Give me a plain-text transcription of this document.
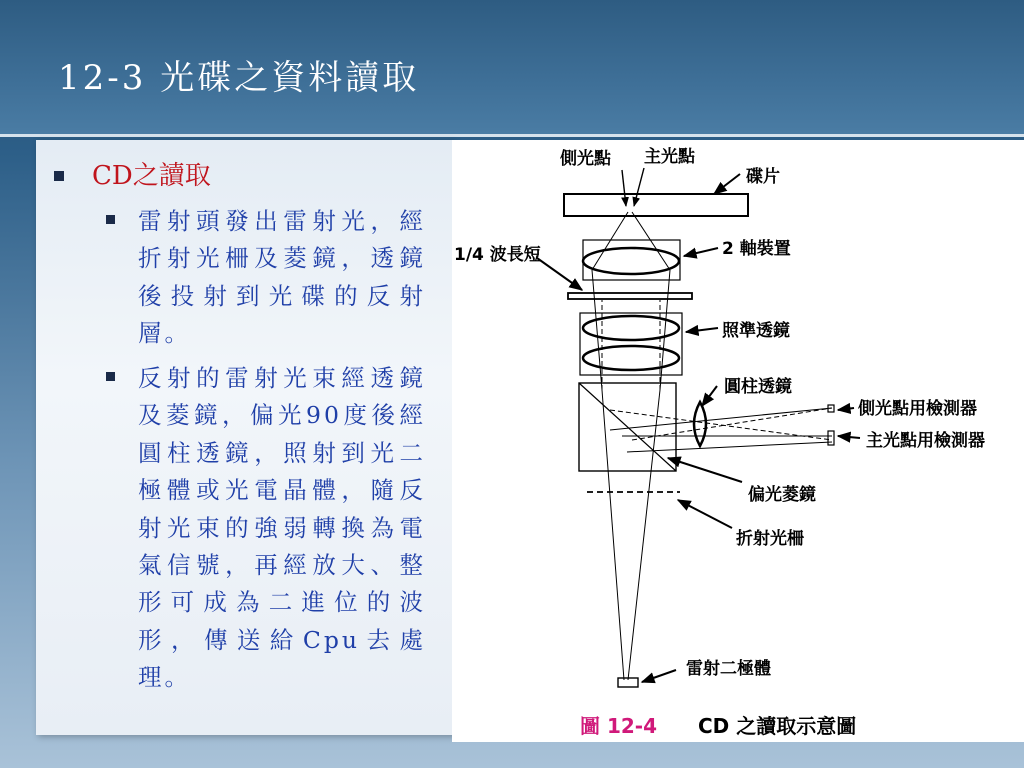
12-3 光碟之資料讀取
CD之讀取
雷射頭發出雷射光，經折射光柵及菱鏡，透鏡後投射到光碟的反射層。
反射的雷射光束經透鏡及菱鏡，偏光90度後經圓柱透鏡，照射到光二極體或光電晶體，隨反射光束的強弱轉換為電氣信號，再經放大、整形可成為二進位的波形，傳送給Cpu去處理。
側光點 主光點
碟片
1/4 波長短	2 軸裝置
照準透鏡
圓柱透鏡
側光點用檢測器
主光點用檢測器
偏光菱鏡
折射光柵
雷射二極體
圖 12-4 CD 之讀取示意圖
